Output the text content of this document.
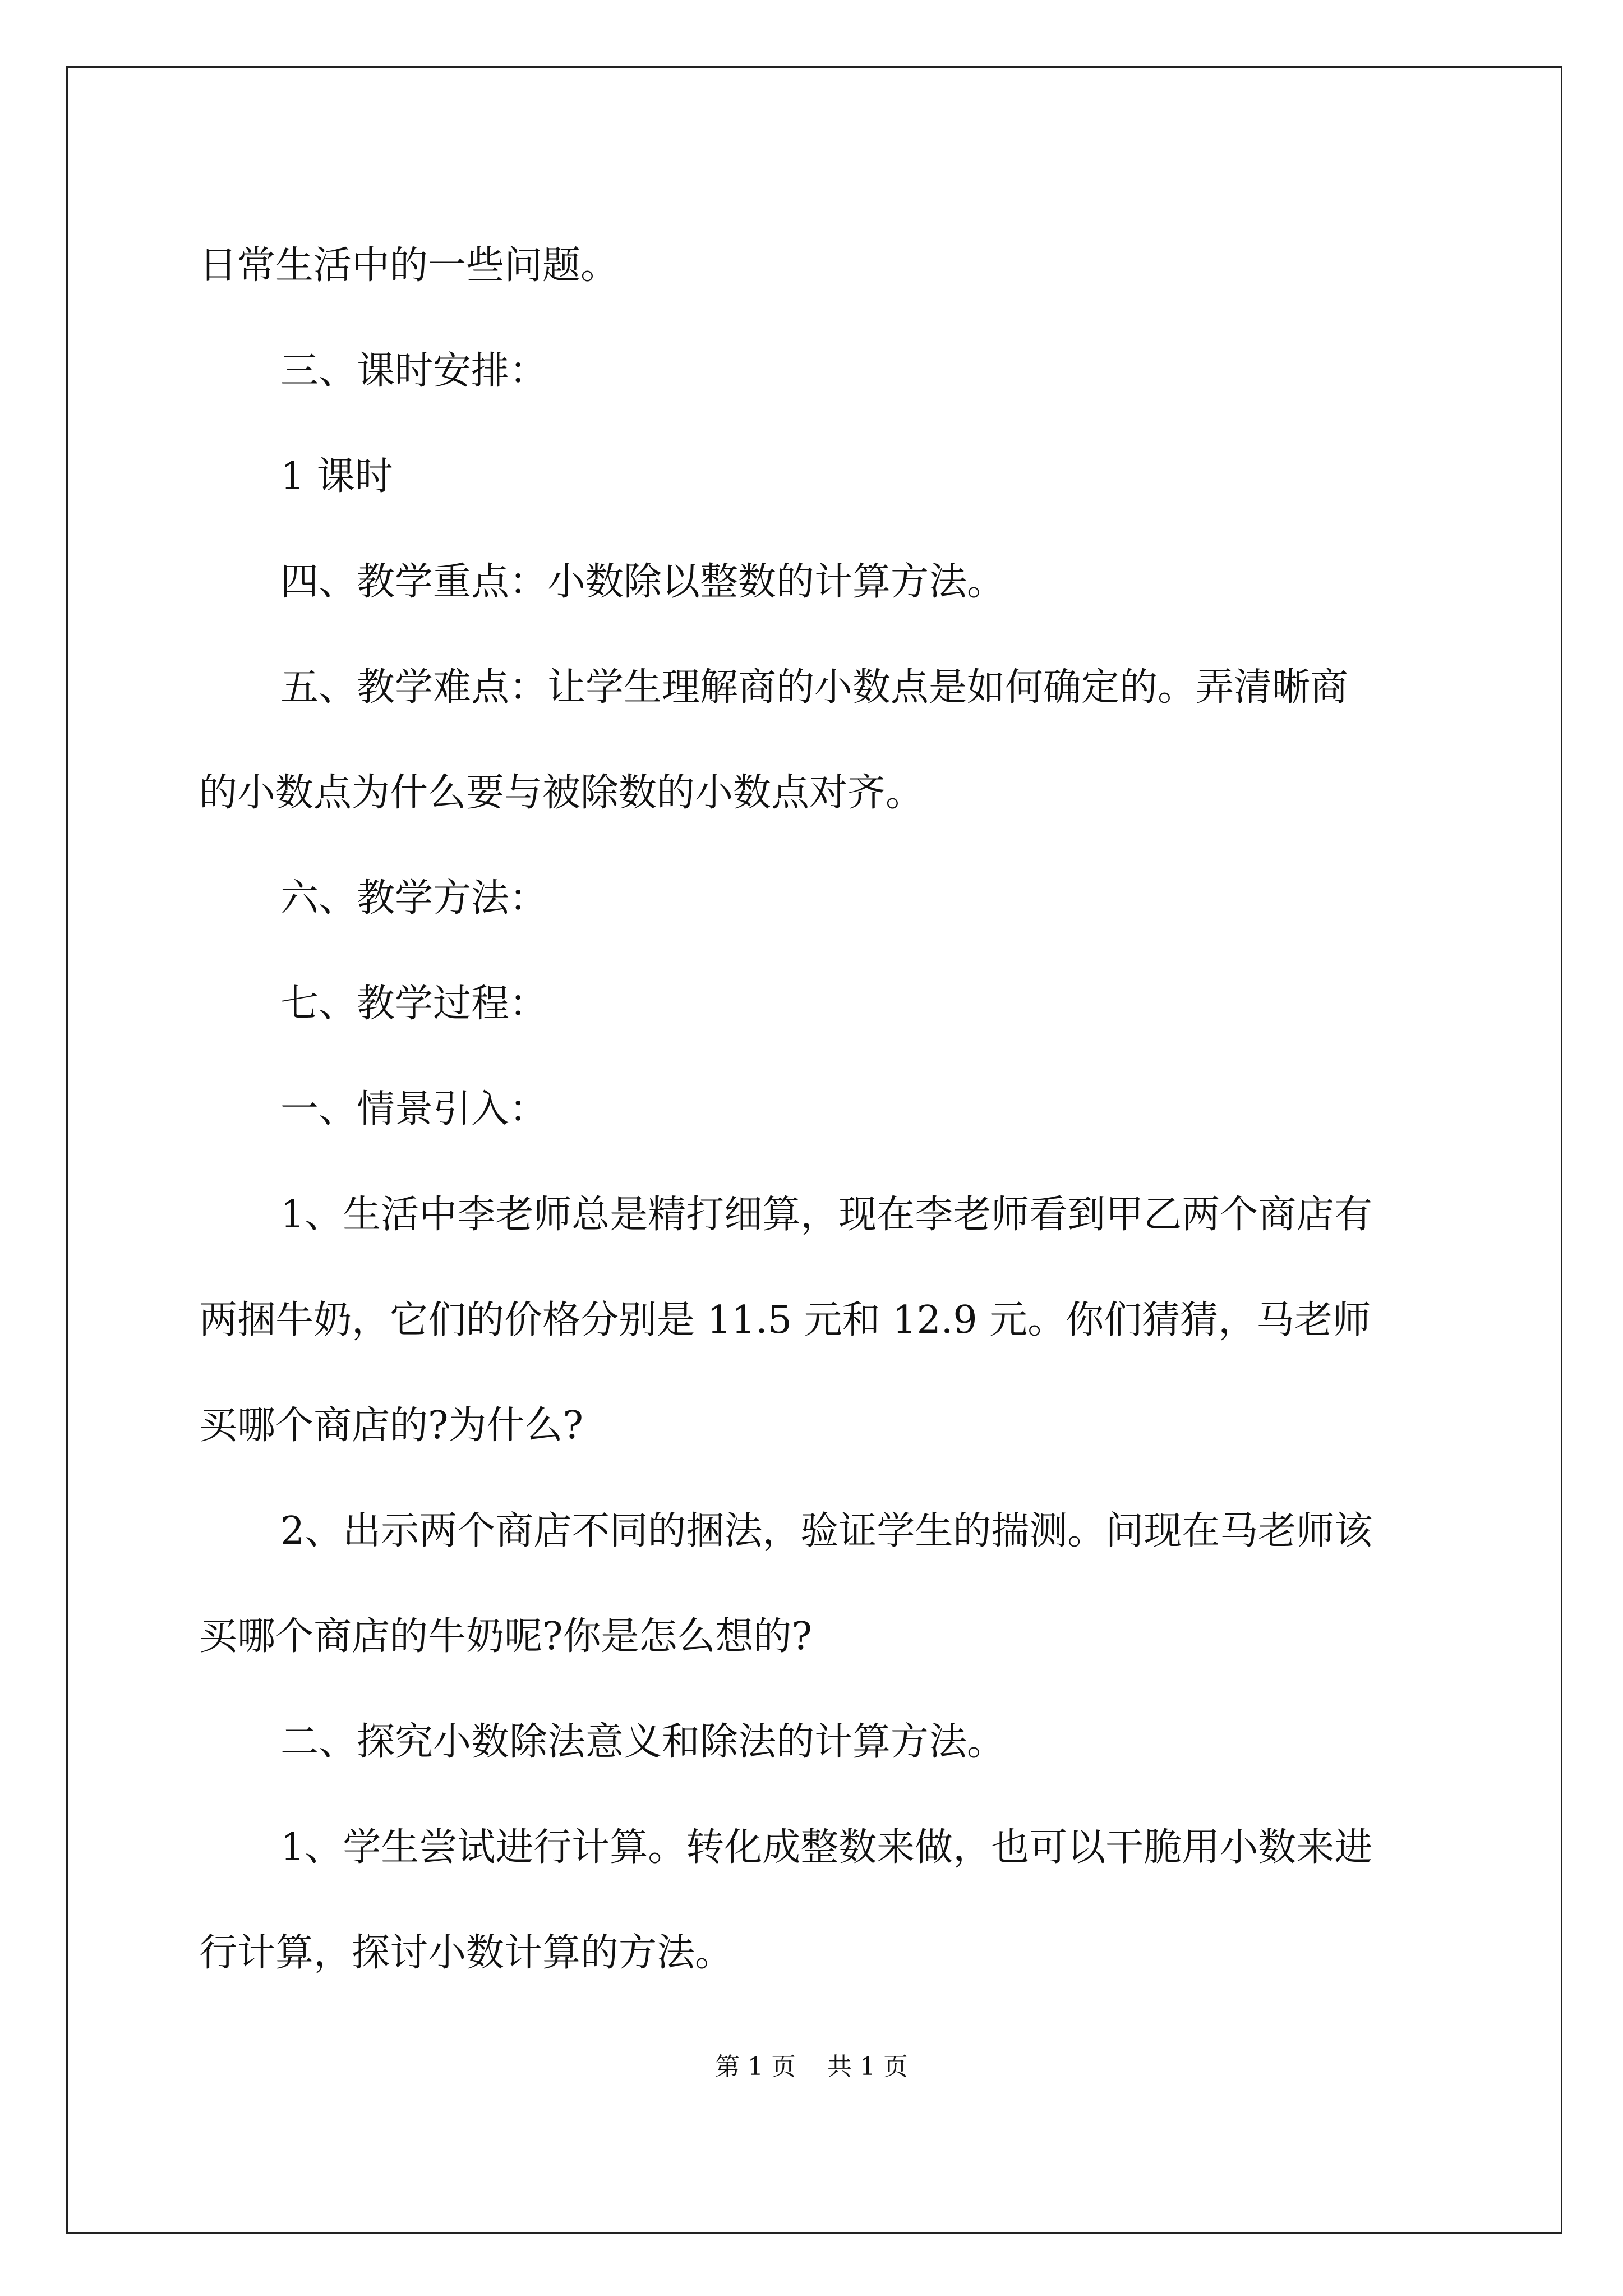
日常生活中的一些问题。
三、课时安排：
1 课时
四、教学重点：小数除以整数的计算方法。
五、教学难点：让学生理解商的小数点是如何确定的。弄清晰商
的小数点为什么要与被除数的小数点对齐。
六、教学方法：
七、教学过程：
一、情景引入：
1、生活中李老师总是精打细算，现在李老师看到甲乙两个商店有
两捆牛奶，它们的价格分别是 11.5 元和 12.9 元。你们猜猜，马老师
买哪个商店的?为什么?
2、出示两个商店不同的捆法，验证学生的揣测。问现在马老师该
买哪个商店的牛奶呢?你是怎么想的?
二、探究小数除法意义和除法的计算方法。
1、学生尝试进行计算。转化成整数来做，也可以干脆用小数来进
行计算，探讨小数计算的方法。
第 1 页 共 1 页
